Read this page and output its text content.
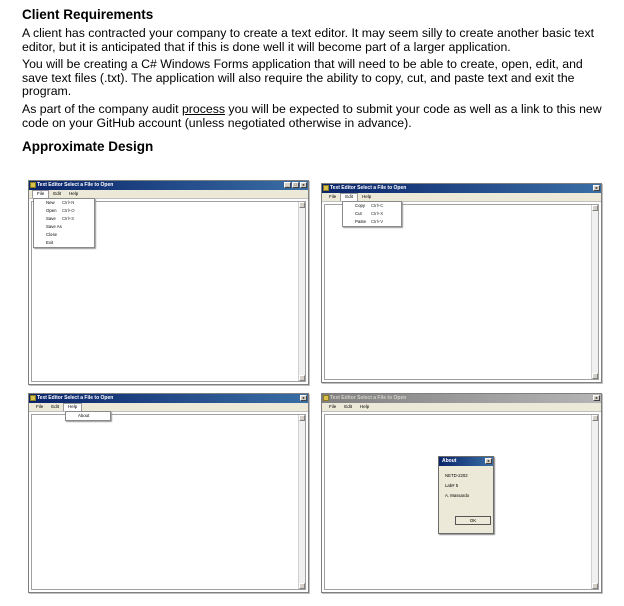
Client Requirements

A client has contracted your company to create a text editor. It may seem silly to create another basic text editor, but it is anticipated that if this is done well it will become part of a larger application.

You will be creating a C# Windows Forms application that will need to be able to create, open, edit, and save text files (.txt). The application will also require the ability to copy, cut, and paste text and exit the program.

As part of the company audit process you will be expected to submit your code as well as a link to this new code on your GitHub account (unless negotiated otherwise in advance).

Approximate Design
Text Editor Select a File to Open	_	□	x
File	Edit	Help
New	Ctrl+N
Open	Ctrl+O
Save	Ctrl+S
Save As
Close
Exit
Text Editor Select a File to Open	x
File	Edit	Help
Copy	Ctrl+C
Cut	Ctrl+X
Paste	Ctrl+V
Text Editor Select a File to Open	x
File	Edit	Help
About
Text Editor Select a File to Open	x
File	Edit	Help
About	x
NETD-2202
Lab# 5
A. Massardo
OK
